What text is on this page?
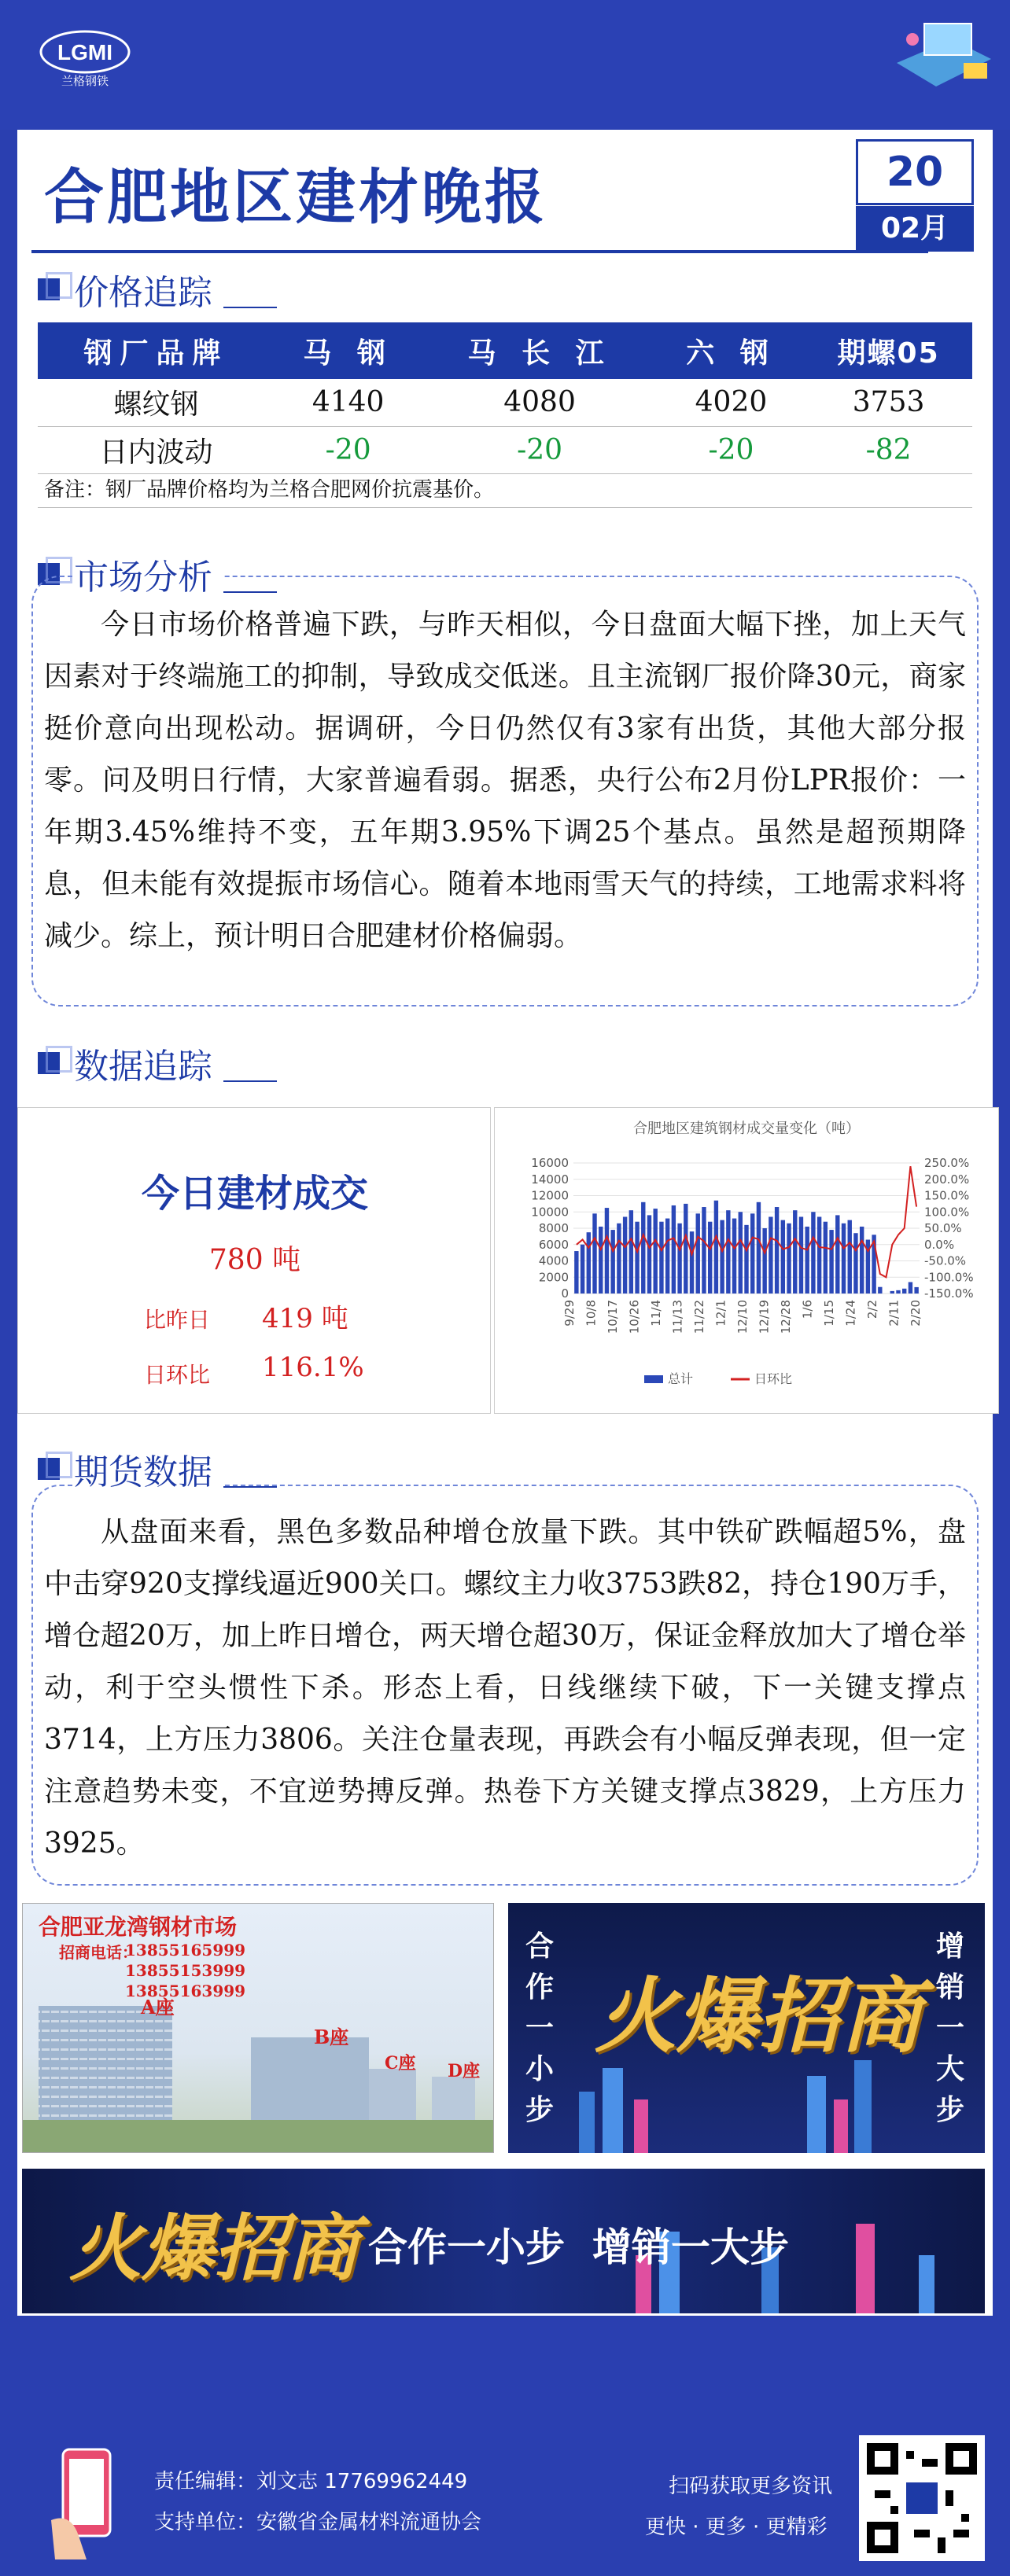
LGMI
兰格钢铁
合肥地区建材晚报	20
02月
价格追踪
钢厂品牌	马 钢	马 长 江	六 钢	期螺05
螺纹钢	4140	4080	4020	3753
日内波动	-20	-20	-20	-82
备注：钢厂品牌价格均为兰格合肥网价抗震基价。
市场分析
今日市场价格普遍下跌，与昨天相似，今日盘面大幅下挫，加上天气因素对于终端施工的抑制，导致成交低迷。且主流钢厂报价降30元，商家挺价意向出现松动。据调研，今日仍然仅有3家有出货，其他大部分报零。问及明日行情，大家普遍看弱。据悉，央行公布2月份LPR报价：一年期3.45%维持不变，五年期3.95%下调25个基点。虽然是超预期降息，但未能有效提振市场信心。随着本地雨雪天气的持续，工地需求料将减少。综上，预计明日合肥建材价格偏弱。
数据追踪
今日建材成交
780 吨
比昨日 419 吨
日环比 116.1%
合肥地区建筑钢材成交量变化（吨）
0
2000
4000
6000
8000
10000
12000
14000
16000	250.0%
200.0%
150.0%
100.0%
50.0%
0.0%
-50.0%
-100.0%
-150.0%
9/29 10/8 10/17 10/26 11/4 11/13 11/22 12/1 12/10 12/19 12/28 1/6 1/15 1/24 2/2 2/11 2/20
总计	日环比
期货数据
从盘面来看，黑色多数品种增仓放量下跌。其中铁矿跌幅超5%，盘中击穿920支撑线逼近900关口。螺纹主力收3753跌82，持仓190万手，增仓超20万，加上昨日增仓，两天增仓超30万，保证金释放加大了增仓举动，利于空头惯性下杀。形态上看，日线继续下破，下一关键支撑点3714，上方压力3806。关注仓量表现，再跌会有小幅反弹表现，但一定注意趋势未变，不宜逆势搏反弹。热卷下方关键支撑点3829，上方压力3925。
合肥亚龙湾钢材市场
招商电话：
13855165999
13855153999
13855163999
A座
B座
C座 D座
合作一小步
火爆招商
增销一大步
火爆招商 合作一小步  增销一大步
责任编辑：刘文志 17769962449
支持单位：安徽省金属材料流通协会
扫码获取更多资讯
更快 · 更多 · 更精彩
